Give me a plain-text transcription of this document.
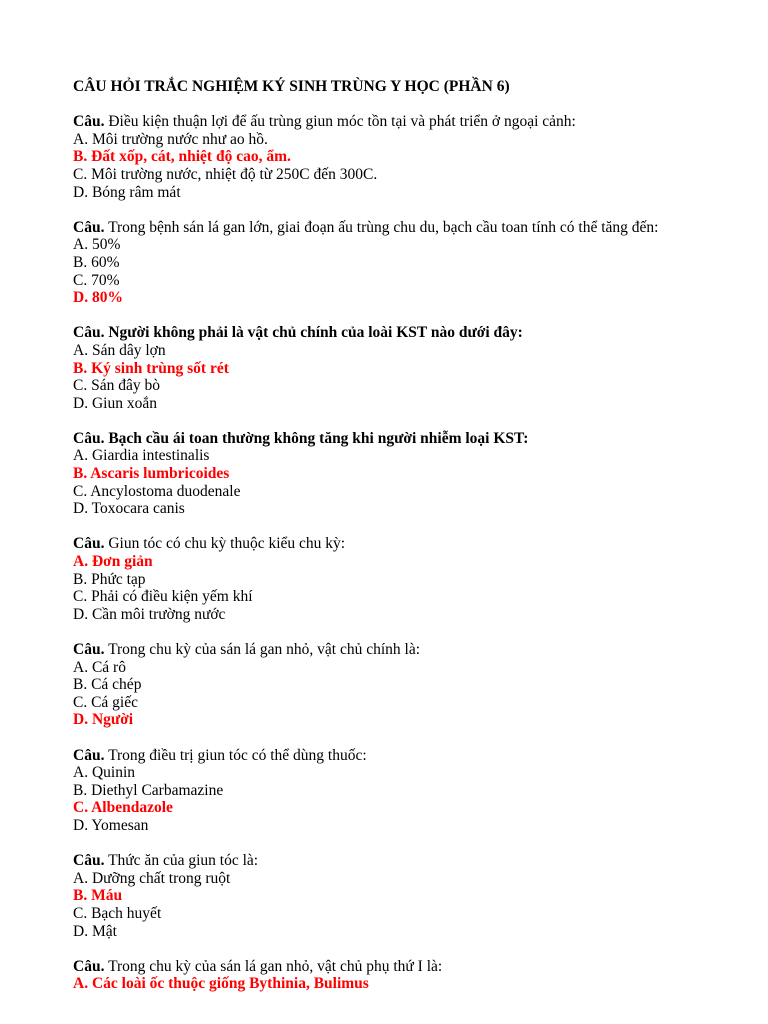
CÂU HỎI TRẮC NGHIỆM KÝ SINH TRÙNG Y HỌC (PHẦN 6)
Câu. Điều kiện thuận lợi để ấu trùng giun móc tồn tại và phát triển ở ngoại cảnh:
A. Môi trường nước như ao hồ.
B. Đất xốp, cát, nhiệt độ cao, ẩm.
C. Môi trường nước, nhiệt độ từ 250C đến 300C.
D. Bóng râm mát
Câu. Trong bệnh sán lá gan lớn, giai đoạn ấu trùng chu du, bạch cầu toan tính có thể tăng đến:
A. 50%
B. 60%
C. 70%
D. 80%
Câu. Người không phải là vật chủ chính của loài KST nào dưới đây:
A. Sán dây lợn
B. Ký sinh trùng sốt rét
C. Sán đây bò
D. Giun xoắn
Câu. Bạch cầu ái toan thường không tăng khi người nhiễm loại KST:
A. Giardia intestinalis
B. Ascaris lumbricoides
C. Ancylostoma duodenale
D. Toxocara canis
Câu. Giun tóc có chu kỳ thuộc kiểu chu kỳ:
A. Đơn giản
B. Phức tạp
C. Phải có điều kiện yếm khí
D. Cần môi trường nước
Câu. Trong chu kỳ của sán lá gan nhỏ, vật chủ chính là:
A. Cá rô
B. Cá chép
C. Cá giếc
D. Người
Câu. Trong điều trị giun tóc có thể dùng thuốc:
A. Quinin
B. Diethyl Carbamazine
C. Albendazole
D. Yomesan
Câu. Thức ăn của giun tóc là:
A. Dưỡng chất trong ruột
B. Máu
C. Bạch huyết
D. Mật
Câu. Trong chu kỳ của sán lá gan nhỏ, vật chủ phụ thứ I là:
A. Các loài ốc thuộc giống Bythinia, Bulimus
